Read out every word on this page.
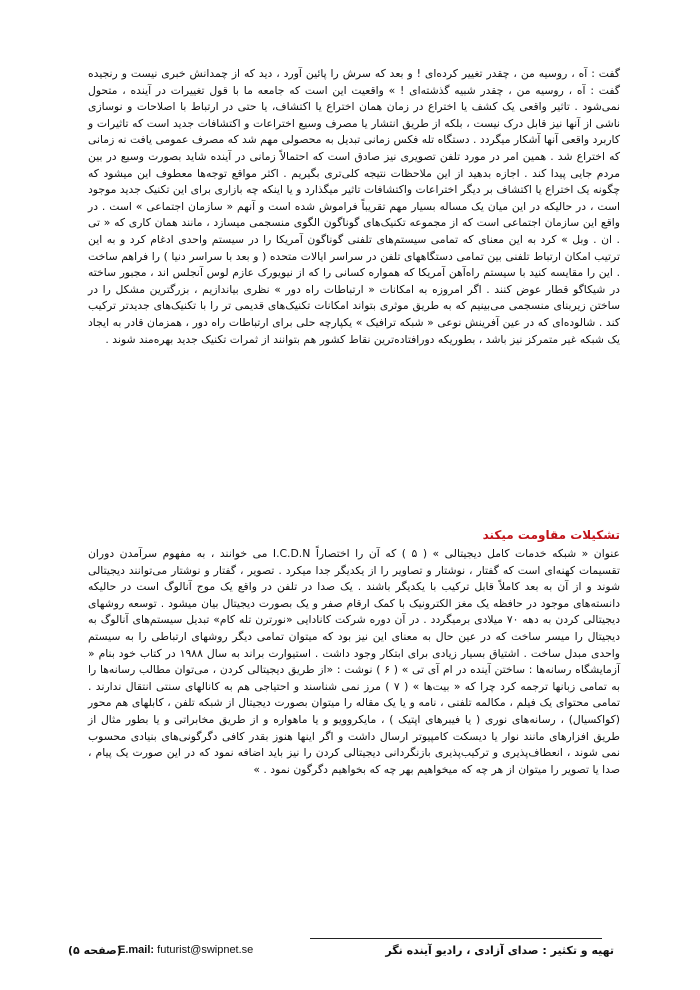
گفت : آه ، روسیه من ، چقدر تغییر کرده‌ای ! و بعد که سرش را پائین آورد ، دید که از چمدانش خبری نیست و رنجیده گفت : آه ، روسیه من ، چقدر شبیه گذشته‌ای ! » واقعیت این است که جامعه ما با قول تغییرات در آینده ، متحول نمی‌شود . تاثیر واقعی یک کشف یا اختراع در زمان همان اختراع یا اکتشاف، یا حتی در ارتباط با اصلاحات و نوسازی ناشی از آنها نیز قابل درک نیست ، بلکه از طریق انتشار یا مصرف وسیع اختراعات و اکتشافات جدید است که تاثیرات و کاربرد واقعی آنها آشکار میگردد . دستگاه تله فکس زمانی تبدیل به محصولی مهم شد که مصرف عمومی یافت نه زمانی که اختراع شد . همین امر در مورد تلفن تصویری نیز صادق است که احتمالاً زمانی در آینده شاید بصورت وسیع در بین مردم جایی پیدا کند . اجازه بدهید از این ملاحظات نتیجه کلی‌تری بگیریم . اکثر مواقع توجه‌ها معطوف این میشود که چگونه یک اختراع یا اکتشاف بر دیگر اختراعات واکتشافات تاثیر میگذارد و یا اینکه چه بازاری برای این تکنیک جدید موجود است ، در حالیکه در این میان یک مساله بسیار مهم تقریباً فراموش شده است و آنهم « سازمان اجتماعی » است . در واقع این سازمان اجتماعی است که از مجموعه تکنیک‌های گوناگون الگوی منسجمی میسازد ، مانند همان کاری که « تی . ان . وبل » کرد به این معنای که تمامی سیستم‌های تلفنی گوناگون آمریکا را در سیستم واحدی ادغام کرد و به این ترتیب امکان ارتباط تلفنی بین تمامی دستگاههای تلفن در سراسر ایالات متحده ( و بعد با سراسر دنیا ) را فراهم ساخت . این را مقایسه کنید با سیستم راه‌آهن آمریکا که همواره کسانی را که از نیویورک عازم لوس آنجلس اند ، مجبور ساخته در شیکاگو قطار عوض کنند . اگر امروزه به امکانات « ارتباطات راه دور » نظری بیاندازیم ، بزرگترین مشکل را در ساختن زیربنای منسجمی می‌بینیم که به طریق موثری بتواند امکانات تکنیک‌های قدیمی تر را با تکنیک‌های جدیدتر ترکیب کند . شالوده‌ای که در عین آفرینش نوعی « شبکه ترافیک » یکپارچه حلی برای ارتباطات راه دور ، همزمان قادر به ایجاد یک شبکه غیر متمرکز نیز باشد ، بطوریکه دورافتاده‌ترین نقاط کشور هم بتوانند از ثمرات تکنیک جدید بهره‌مند شوند .

تشکیلات مقاومت میکند

عنوان « شبکه خدمات کامل دیجیتالی » ( ۵ ) که آن را اختصاراً I.C.D.N می خوانند ، به مفهوم سرآمدن دوران تقسیمات کهنه‌ای است که گفتار ، نوشتار و تصاویر را از یکدیگر جدا میکرد . تصویر ، گفتار و نوشتار می‌توانند دیجیتالی شوند و از آن به بعد کاملاً قابل ترکیب با یکدیگر باشند . یک صدا در تلفن در واقع یک موج آنالوگ است در حالیکه دانسته‌های موجود در حافظه یک مغز الکترونیک با کمک ارقام صفر و یک بصورت دیجیتال بیان میشود . توسعه روشهای دیجیتالی کردن به دهه ۷۰ میلادی برمیگردد . در آن دوره شرکت کانادایی «نورترن تله کام» تبدیل سیستم‌های آنالوگ به دیجیتال را میسر ساخت که در عین حال به معنای این نیز بود که میتوان تمامی دیگر روشهای ارتباطی را به سیستم واحدی مبدل ساخت . اشتیاق بسیار زیادی برای ابتکار وجود داشت . استیوارت براند به سال ۱۹۸۸ در کتاب خود بنام « آزمایشگاه رسانه‌ها : ساختن آینده در ام آی تی » ( ۶ ) نوشت : «از طریق دیجیتالی کردن ، می‌توان مطالب رسانه‌ها را به تمامی زبانها ترجمه کرد چرا که « بیت‌ها » ( ۷ ) مرز نمی شناسند و احتیاجی هم به کانالهای سنتی انتقال ندارند . تمامی محتوای یک فیلم ، مکالمه تلفنی ، نامه و یا یک مقاله را میتوان بصورت دیجیتال از شبکه تلفن ، کابلهای هم محور (کواکسیال) ، رسانه‌های نوری ( یا فیبرهای اپتیک ) ، مایکروویو و یا ماهواره و از طریق مخابراتی و یا بطور مثال از طریق افزارهای مانند نوار یا دیسکت کامپیوتر ارسال داشت و اگر اینها هنوز بقدر کافی دگرگونی‌های بنیادی محسوب نمی شوند ، انعطاف‌پذیری و ترکیب‌پذیری بازنگردانی دیجیتالی کردن را نیز باید اضافه نمود که در این صورت یک پیام ، صدا یا تصویر را میتوان از هر چه که میخواهیم بهر چه که بخواهیم دگرگون نمود . »

(صفحه ۵)
E.mail: futurist@swipnet.se	تهیه و تکثیر : صدای آزادی ، رادیو آینده نگر
